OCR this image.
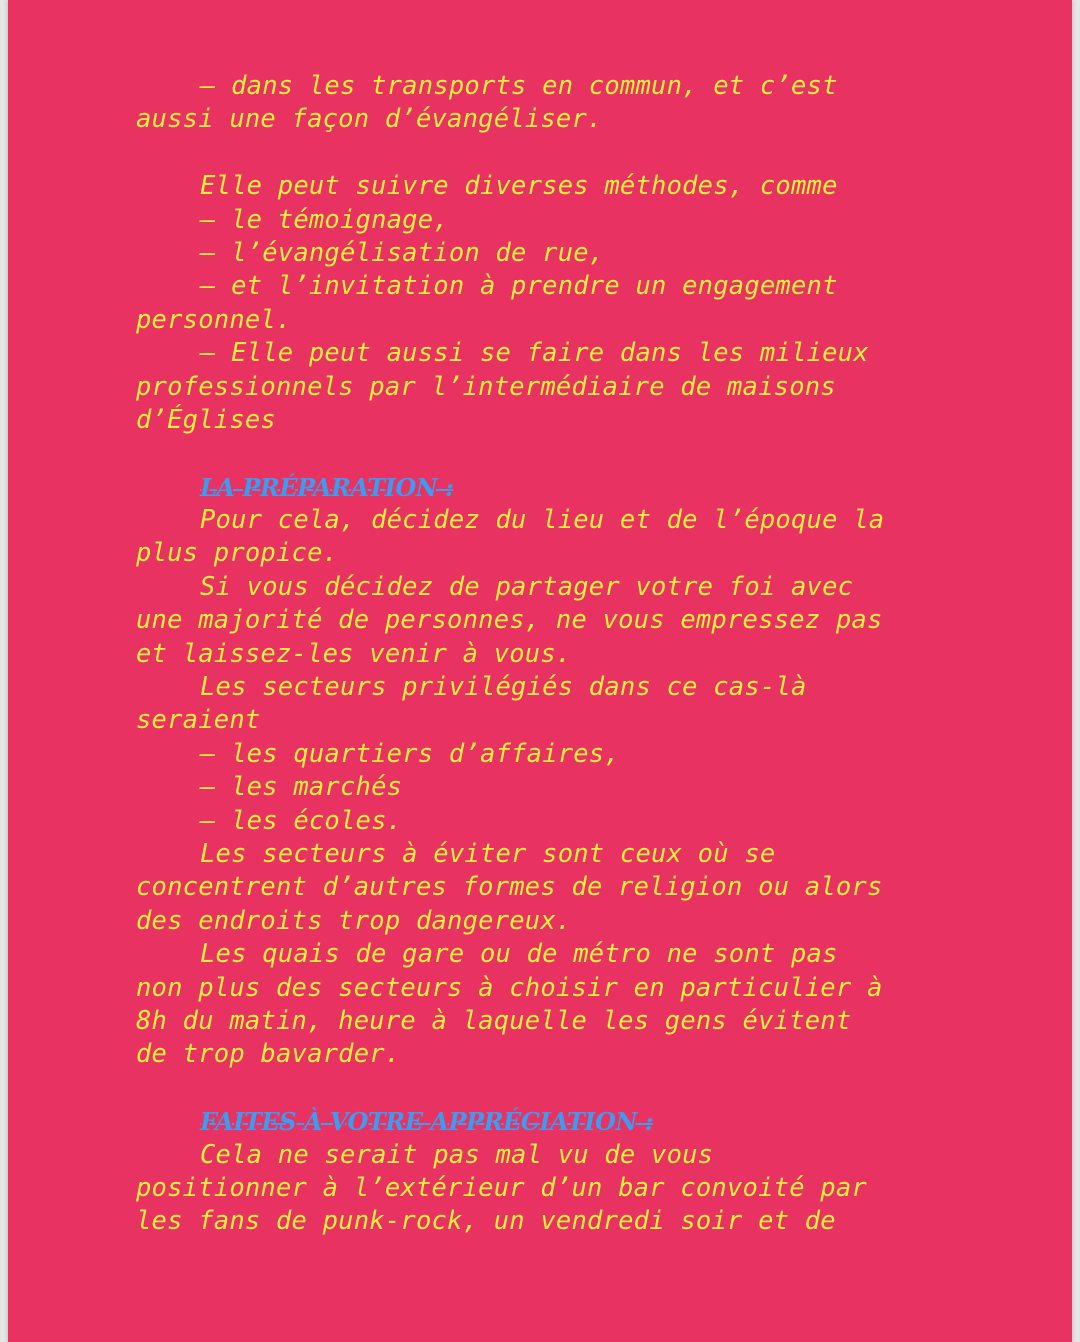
– dans les transports en commun, et c’est
aussi une façon d’évangéliser.
Elle peut suivre diverses méthodes, comme
– le témoignage,
– l’évangélisation de rue,
– et l’invitation à prendre un engagement
personnel.
– Elle peut aussi se faire dans les milieux
professionnels par l’intermédiaire de maisons
d’Églises
LA PRÉPARATION :
Pour cela, décidez du lieu et de l’époque la
plus propice.
Si vous décidez de partager votre foi avec
une majorité de personnes, ne vous empressez pas
et laissez-les venir à vous.
Les secteurs privilégiés dans ce cas-là
seraient
– les quartiers d’affaires,
– les marchés
– les écoles.
Les secteurs à éviter sont ceux où se
concentrent d’autres formes de religion ou alors
des endroits trop dangereux.
Les quais de gare ou de métro ne sont pas
non plus des secteurs à choisir en particulier à
8h du matin, heure à laquelle les gens évitent
de trop bavarder.
FAITES À VOTRE APPRÉCIATION :
Cela ne serait pas mal vu de vous
positionner à l’extérieur d’un bar convoité par
les fans de punk-rock, un vendredi soir et de
